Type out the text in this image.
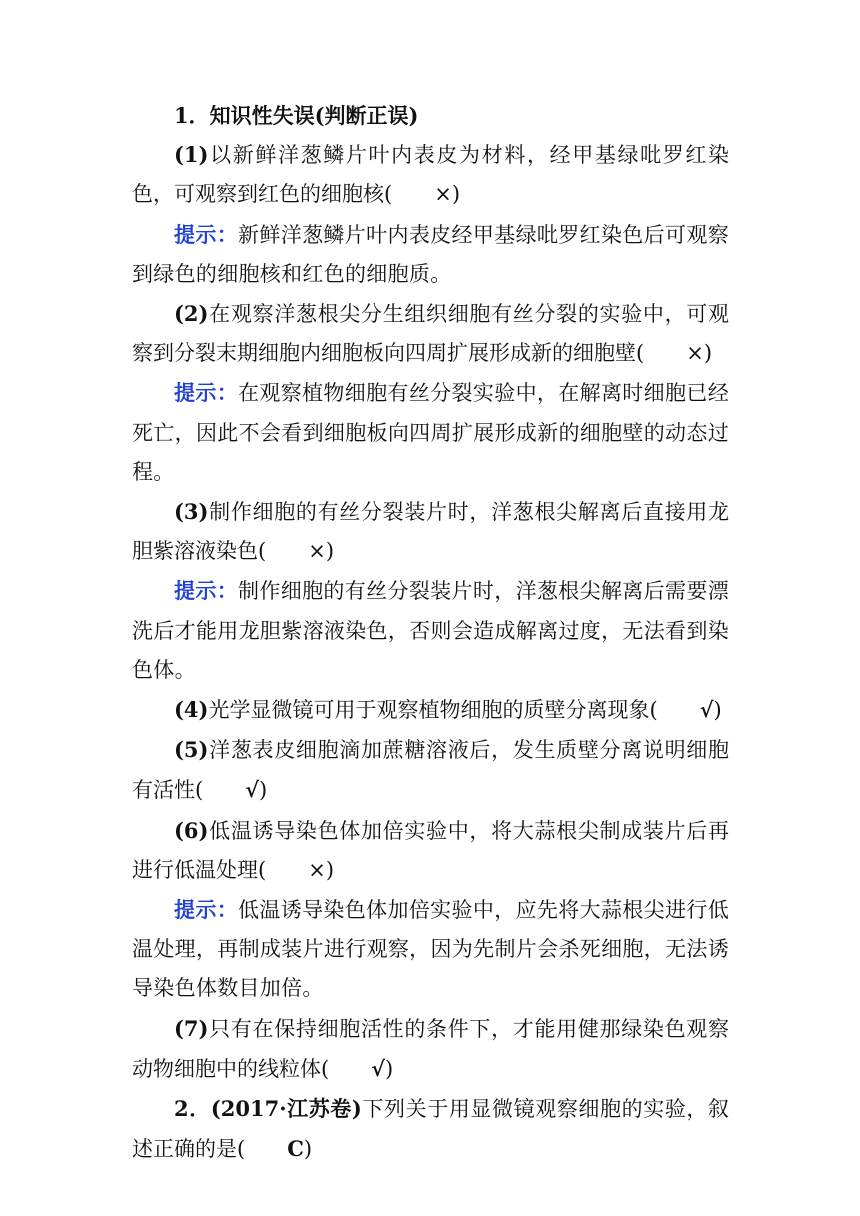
1．知识性失误(判断正误)

(1)以新鲜洋葱鳞片叶内表皮为材料，经甲基绿吡罗红染色，可观察到红色的细胞核( ×)

提示：新鲜洋葱鳞片叶内表皮经甲基绿吡罗红染色后可观察到绿色的细胞核和红色的细胞质。

(2)在观察洋葱根尖分生组织细胞有丝分裂的实验中，可观察到分裂末期细胞内细胞板向四周扩展形成新的细胞壁( ×)

提示：在观察植物细胞有丝分裂实验中，在解离时细胞已经死亡，因此不会看到细胞板向四周扩展形成新的细胞壁的动态过程。

(3)制作细胞的有丝分裂装片时，洋葱根尖解离后直接用龙胆紫溶液染色( ×)

提示：制作细胞的有丝分裂装片时，洋葱根尖解离后需要漂洗后才能用龙胆紫溶液染色，否则会造成解离过度，无法看到染色体。

(4)光学显微镜可用于观察植物细胞的质壁分离现象( √)

(5)洋葱表皮细胞滴加蔗糖溶液后，发生质壁分离说明细胞有活性( √)

(6)低温诱导染色体加倍实验中，将大蒜根尖制成装片后再进行低温处理( ×)

提示：低温诱导染色体加倍实验中，应先将大蒜根尖进行低温处理，再制成装片进行观察，因为先制片会杀死细胞，无法诱导染色体数目加倍。

(7)只有在保持细胞活性的条件下，才能用健那绿染色观察动物细胞中的线粒体( √)

2．(2017·江苏卷)下列关于用显微镜观察细胞的实验，叙述正确的是( C)
